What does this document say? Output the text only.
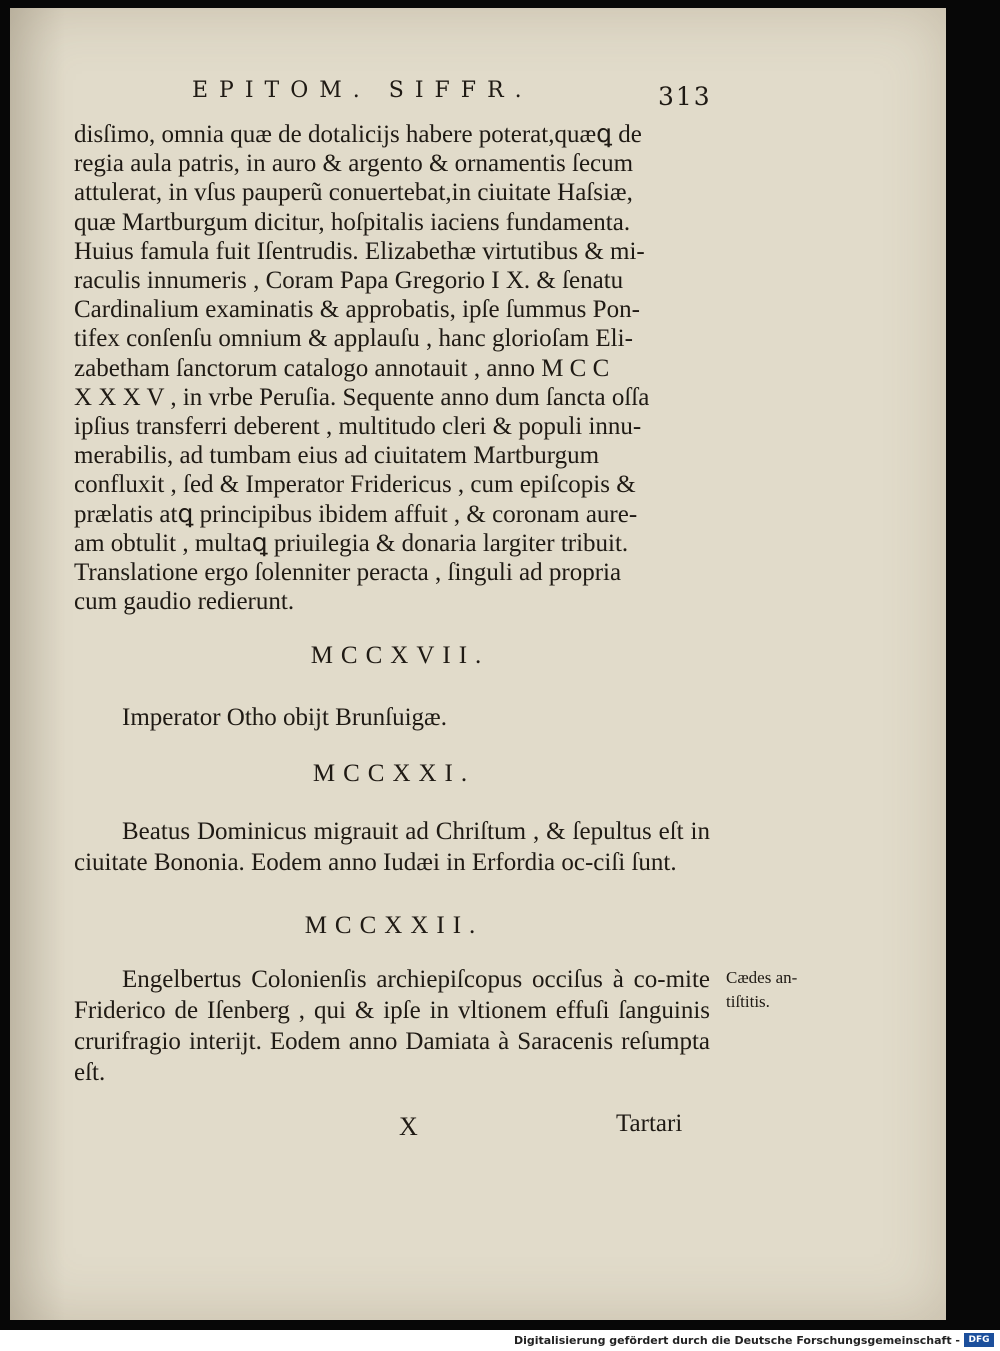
EPITOM. SIFFR.	313
disſimo, omnia quæ de dotalicijs habere poterat,quæꝗ de
regia aula patris, in auro & argento & ornamentis ſecum
attulerat, in vſus pauperũ conuertebat,in ciuitate Haſsiæ,
quæ Martburgum dicitur, hoſpitalis iaciens fundamenta.
Huius famula fuit Iſentrudis. Elizabethæ virtutibus & mi-
raculis innumeris , Coram Papa Gregorio I X. & ſenatu
Cardinalium examinatis & approbatis, ipſe ſummus Pon-
tifex conſenſu omnium & applauſu , hanc glorioſam Eli-
zabetham ſanctorum catalogo annotauit , anno M C C
X X X V , in vrbe Peruſia. Sequente anno dum ſancta oſſa
ipſius transferri deberent , multitudo cleri & populi innu-
merabilis, ad tumbam eius ad ciuitatem Martburgum
confluxit , ſed & Imperator Fridericus , cum epiſcopis &
prælatis atꝗ principibus ibidem affuit , & coronam aure-
am obtulit , multaꝗ priuilegia & donaria largiter tribuit.
Translatione ergo ſolenniter peracta , ſinguli ad propria
cum gaudio redierunt.
MCCXVII.
Imperator Otho obijt Brunſuigæ.
MCCXXI.
Beatus Dominicus migrauit ad Chriſtum , & ſepultus eſt in ciuitate Bononia. Eodem anno Iudæi in Erfordia oc-ciſi ſunt.
MCCXXII.
Engelbertus Colonienſis archiepiſcopus occiſus à co-mite Friderico de Iſenberg , qui & ipſe in vltionem effuſi ſanguinis crurifragio interijt. Eodem anno Damiata à Saracenis reſumpta eſt.
Cædes an-
tiſtitis.
X	Tartari
Digitalisierung gefördert durch die Deutsche Forschungsgemeinschaft - DFG
